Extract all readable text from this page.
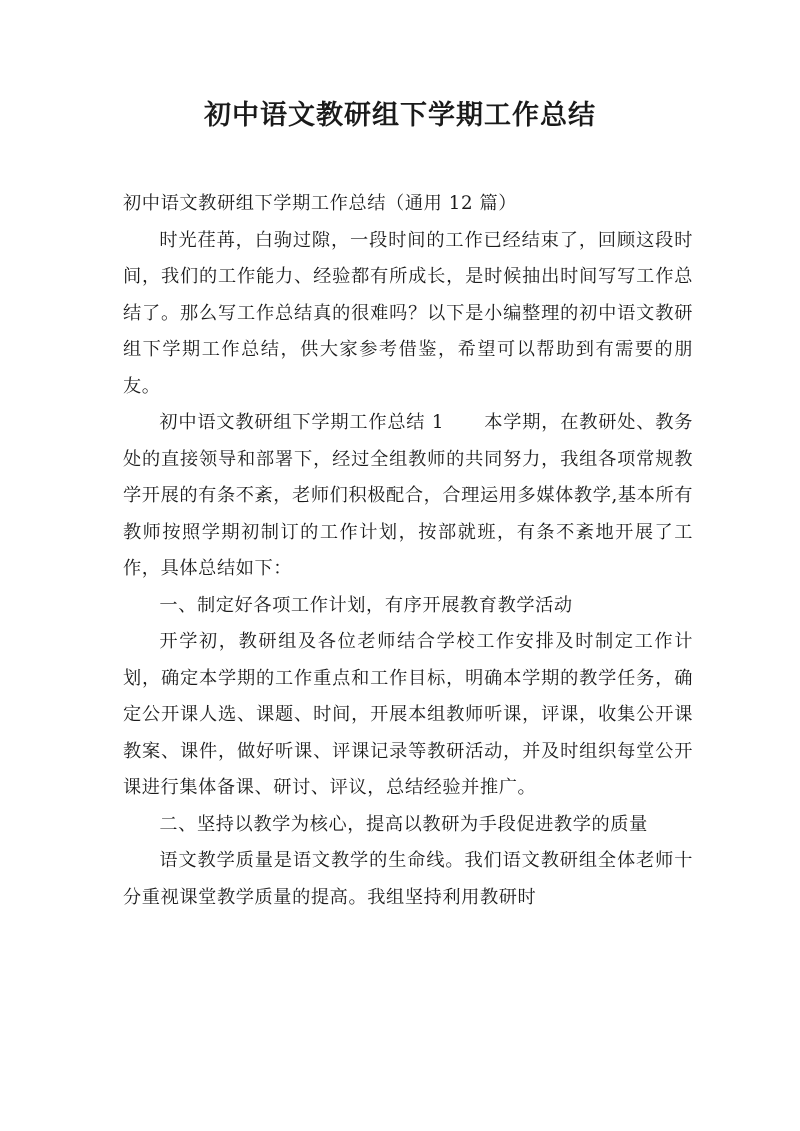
初中语文教研组下学期工作总结

初中语文教研组下学期工作总结（通用 12 篇）

时光荏苒，白驹过隙，一段时间的工作已经结束了，回顾这段时间，我们的工作能力、经验都有所成长，是时候抽出时间写写工作总结了。那么写工作总结真的很难吗？以下是小编整理的初中语文教研组下学期工作总结，供大家参考借鉴，希望可以帮助到有需要的朋友。

初中语文教研组下学期工作总结 1 本学期，在教研处、教务处的直接领导和部署下，经过全组教师的共同努力，我组各项常规教学开展的有条不紊，老师们积极配合，合理运用多媒体教学,基本所有教师按照学期初制订的工作计划，按部就班，有条不紊地开展了工作，具体总结如下：

一、制定好各项工作计划，有序开展教育教学活动

开学初，教研组及各位老师结合学校工作安排及时制定工作计划，确定本学期的工作重点和工作目标，明确本学期的教学任务，确定公开课人选、课题、时间，开展本组教师听课，评课，收集公开课教案、课件，做好听课、评课记录等教研活动，并及时组织每堂公开课进行集体备课、研讨、评议，总结经验并推广。

二、坚持以教学为核心，提高以教研为手段促进教学的质量

语文教学质量是语文教学的生命线。我们语文教研组全体老师十分重视课堂教学质量的提高。我组坚持利用教研时
